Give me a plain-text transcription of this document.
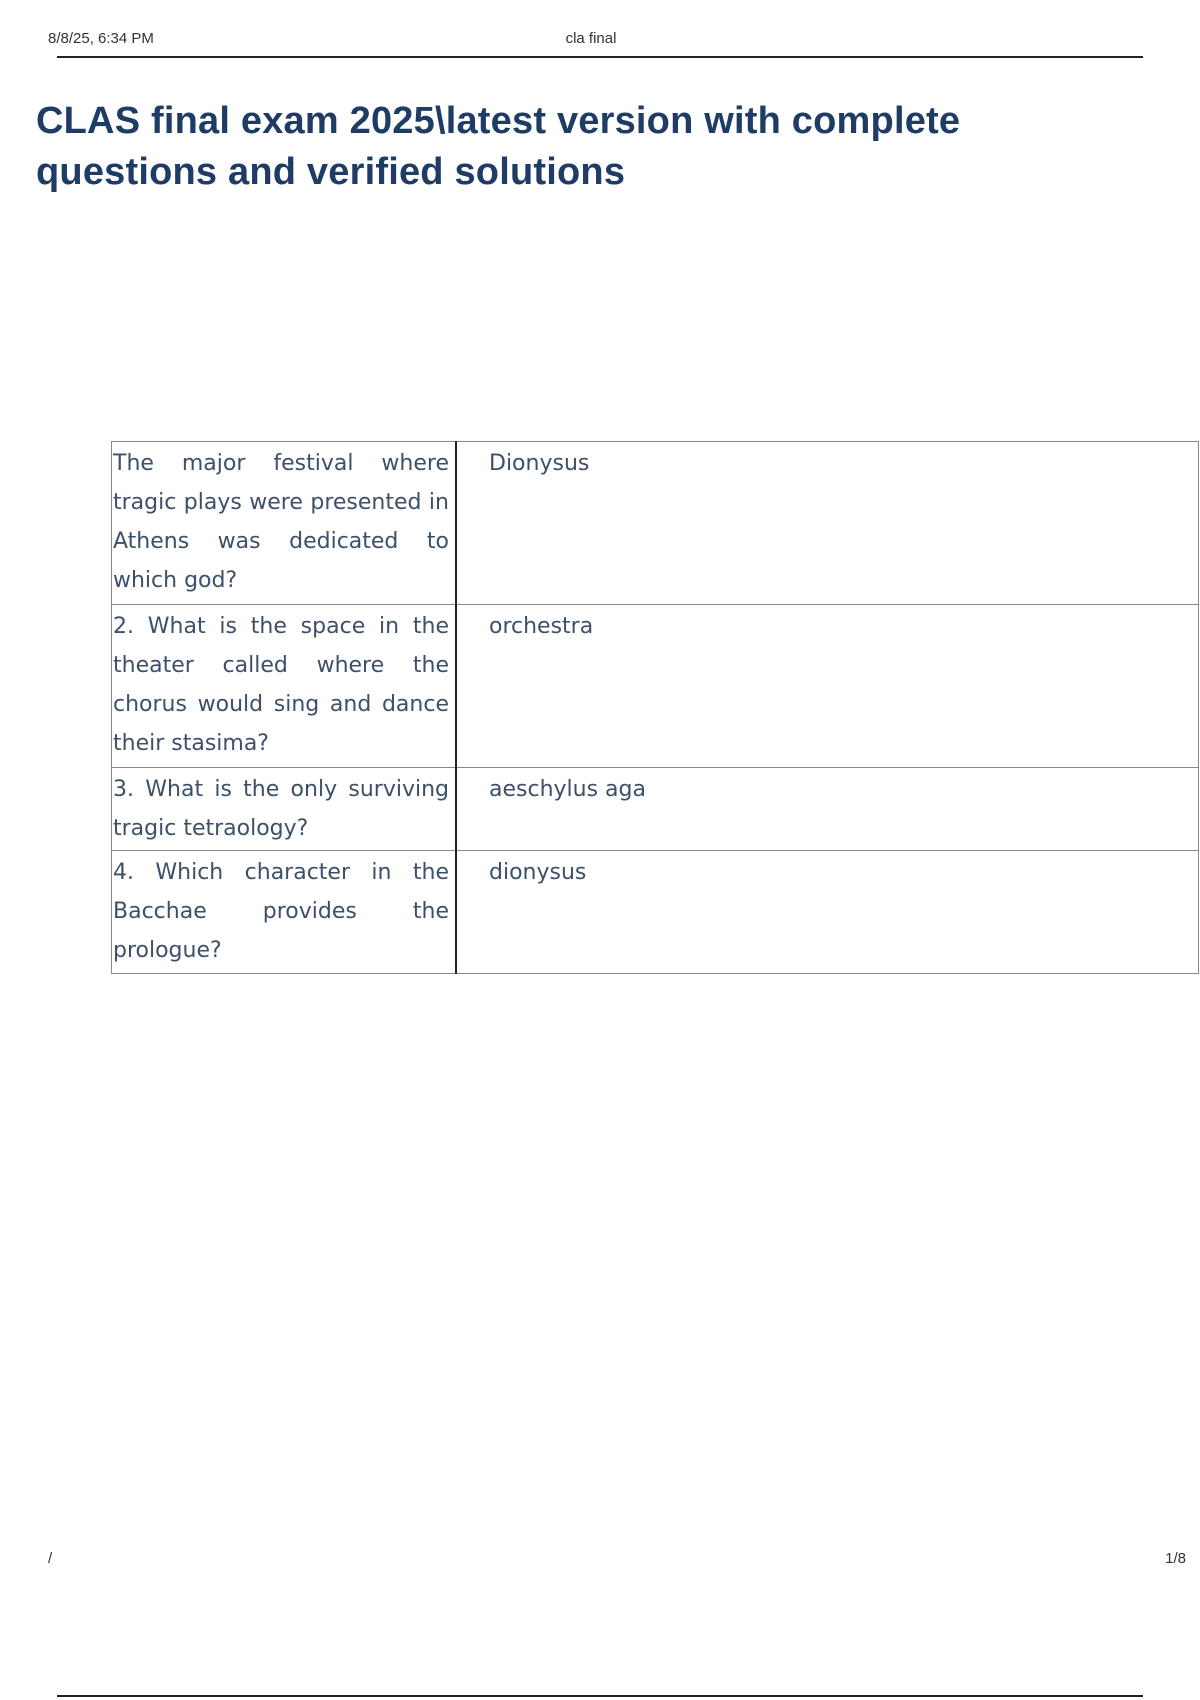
8/8/25, 6:34 PM	cla final
CLAS final exam 2025\latest version with complete
questions and verified solutions
The major festival where tragic plays were presented in Athens was dedicated to which god?	Dionysus
2. What is the space in the theater called where the chorus would sing and dance their stasima?	orchestra
3. What is the only surviving tragic tetraology?	aeschylus aga
4. Which character in the Bacchae provides the prologue?	dionysus
/	1/8
